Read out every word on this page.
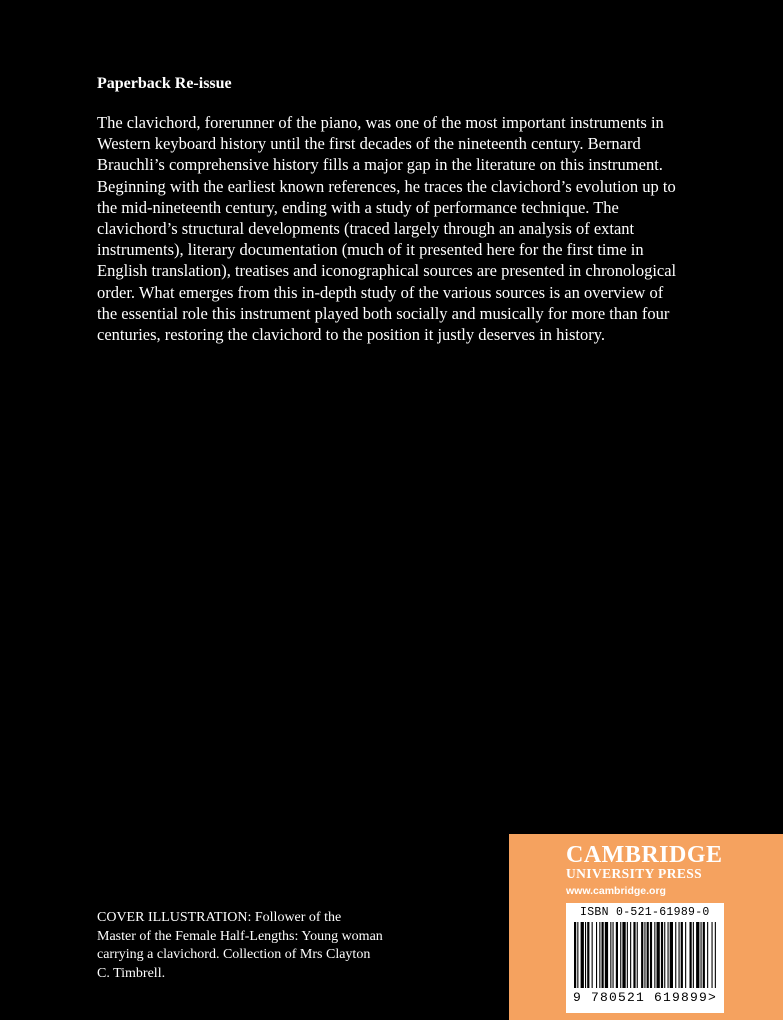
Paperback Re-issue
The clavichord, forerunner of the piano, was one of the most important instruments in
Western keyboard history until the first decades of the nineteenth century. Bernard
Brauchli’s comprehensive history fills a major gap in the literature on this instrument.
Beginning with the earliest known references, he traces the clavichord’s evolution up to
the mid-nineteenth century, ending with a study of performance technique. The
clavichord’s structural developments (traced largely through an analysis of extant
instruments), literary documentation (much of it presented here for the first time in
English translation), treatises and iconographical sources are presented in chronological
order. What emerges from this in-depth study of the various sources is an overview of
the essential role this instrument played both socially and musically for more than four
centuries, restoring the clavichord to the position it justly deserves in history.
COVER ILLUSTRATION: Follower of the
Master of the Female Half-Lengths: Young woman
carrying a clavichord. Collection of Mrs Clayton
C. Timbrell.
CAMBRIDGE
UNIVERSITY PRESS
www.cambridge.org
ISBN 0-521-61989-0
9 780521 619899>
